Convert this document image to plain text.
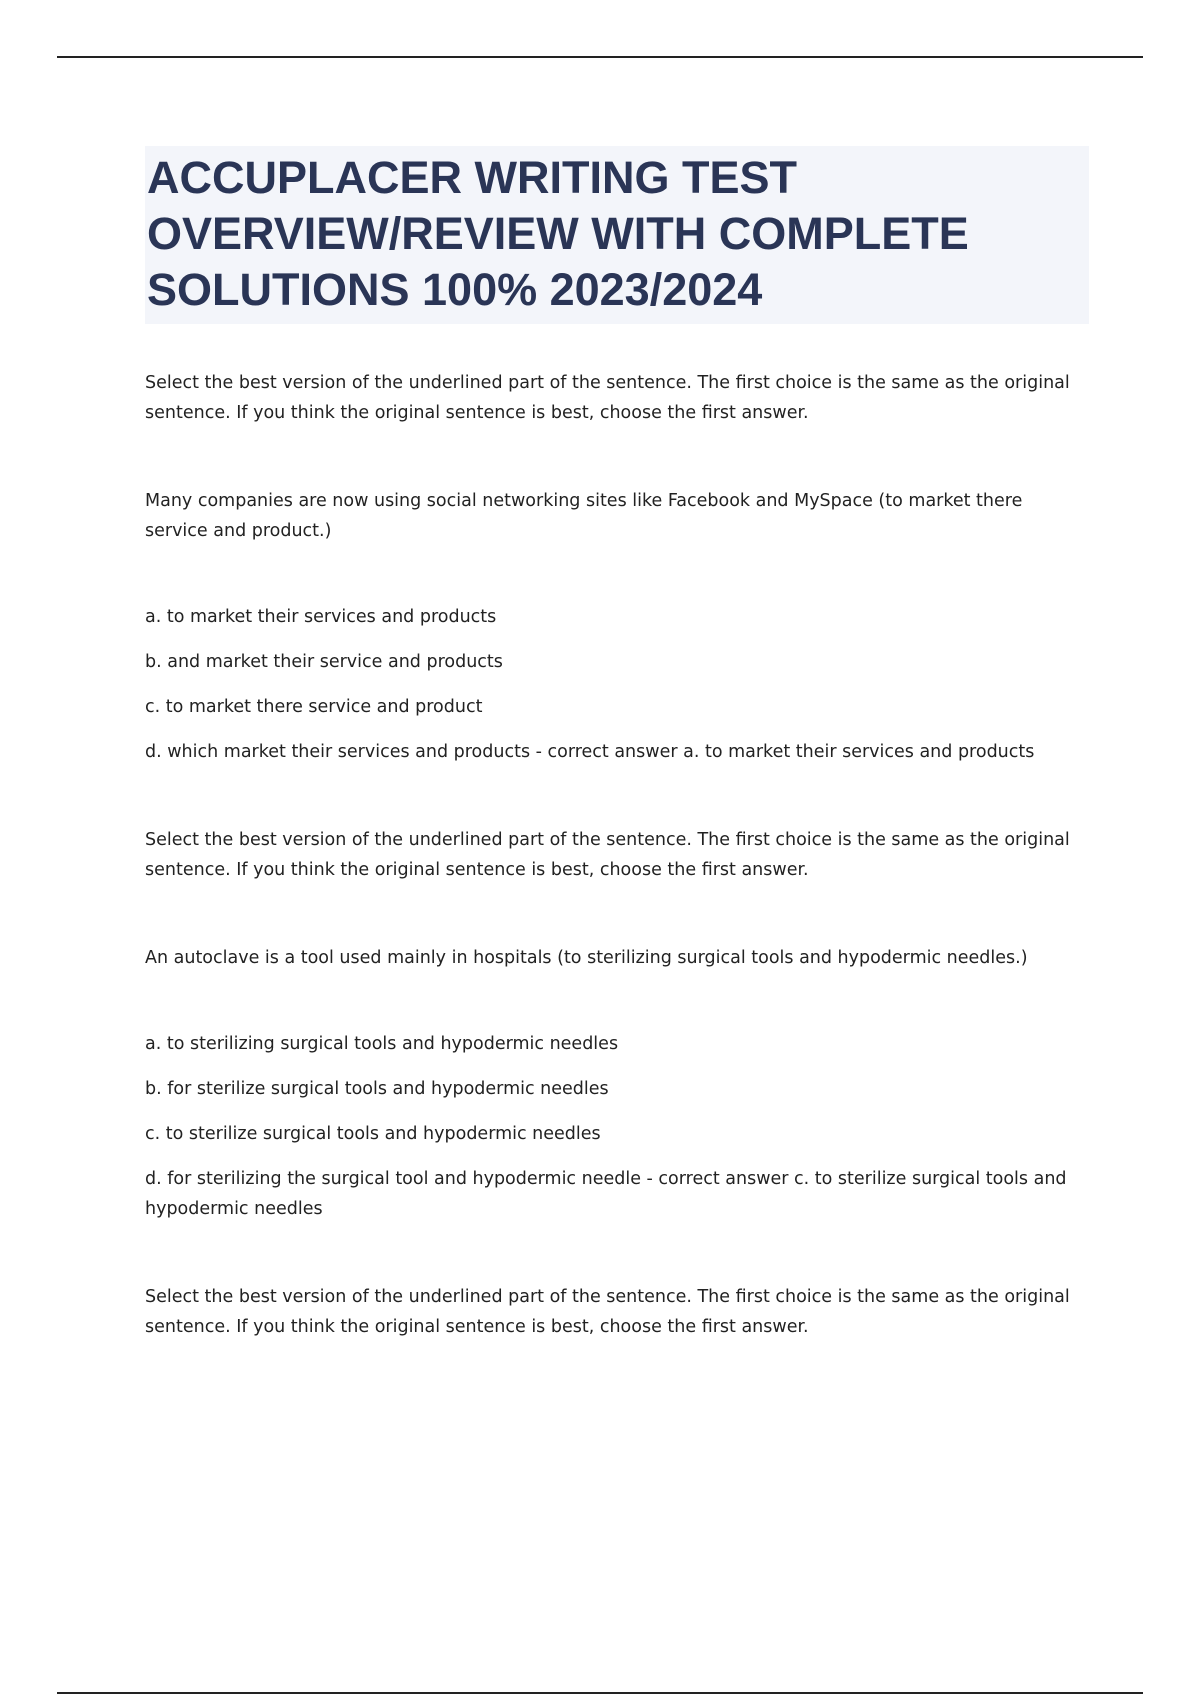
ACCUPLACER WRITING TEST OVERVIEW/REVIEW WITH COMPLETE SOLUTIONS 100% 2023/2024

Select the best version of the underlined part of the sentence. The first choice is the same as the original sentence. If you think the original sentence is best, choose the first answer.

Many companies are now using social networking sites like Facebook and MySpace (to market there service and product.)

a. to market their services and products

b. and market their service and products

c. to market there service and product

d. which market their services and products - correct answer a. to market their services and products

Select the best version of the underlined part of the sentence. The first choice is the same as the original sentence. If you think the original sentence is best, choose the first answer.

An autoclave is a tool used mainly in hospitals (to sterilizing surgical tools and hypodermic needles.)

a. to sterilizing surgical tools and hypodermic needles

b. for sterilize surgical tools and hypodermic needles

c. to sterilize surgical tools and hypodermic needles

d. for sterilizing the surgical tool and hypodermic needle - correct answer c. to sterilize surgical tools and hypodermic needles

Select the best version of the underlined part of the sentence. The first choice is the same as the original sentence. If you think the original sentence is best, choose the first answer.
